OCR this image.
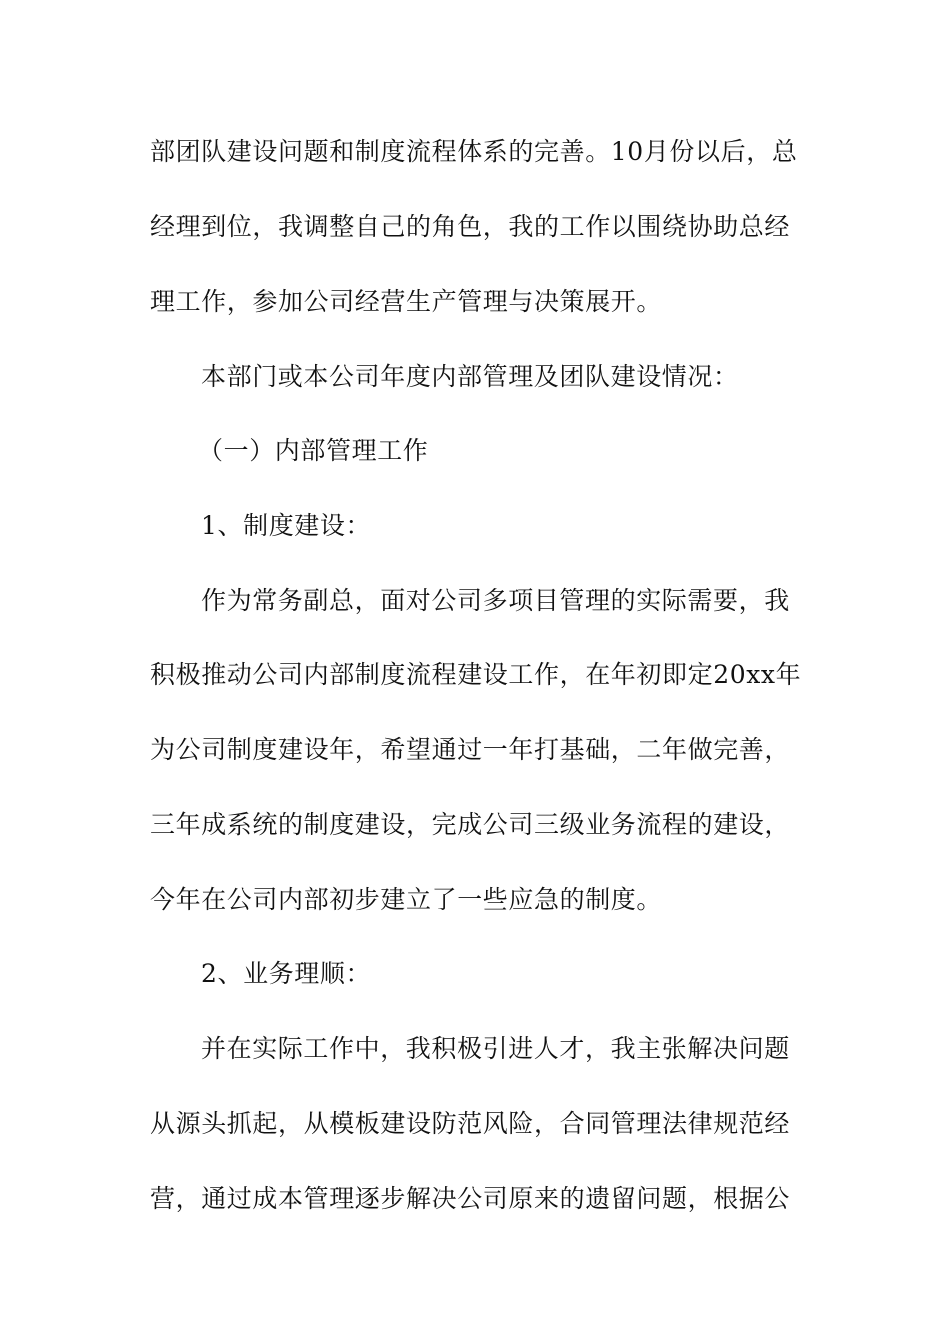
部团队建设问题和制度流程体系的完善。10月份以后，总
经理到位，我调整自己的角色，我的工作以围绕协助总经
理工作，参加公司经营生产管理与决策展开。
本部门或本公司年度内部管理及团队建设情况：
（一）内部管理工作
1、制度建设：
作为常务副总，面对公司多项目管理的实际需要，我
积极推动公司内部制度流程建设工作，在年初即定20xx年
为公司制度建设年，希望通过一年打基础，二年做完善，
三年成系统的制度建设，完成公司三级业务流程的建设，
今年在公司内部初步建立了一些应急的制度。
2、业务理顺：
并在实际工作中，我积极引进人才，我主张解决问题
从源头抓起，从模板建设防范风险，合同管理法律规范经
营，通过成本管理逐步解决公司原来的遗留问题，根据公
